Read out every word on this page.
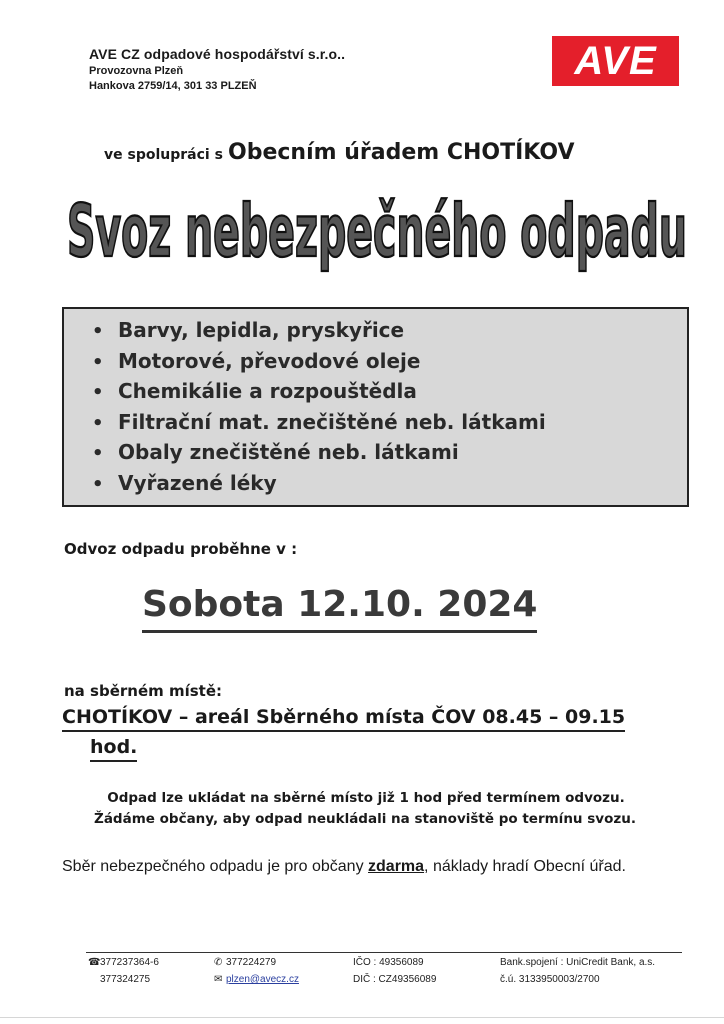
AVE CZ odpadové hospodářství s.r.o..
Provozovna Plzeň
Hankova 2759/14, 301 33 PLZEŇ
AVE
ve spolupráci s Obecním úřadem CHOTÍKOV
Svoz nebezpečného odpadu
• Barvy, lepidla, pryskyřice
• Motorové, převodové oleje
• Chemikálie a rozpouštědla
• Filtrační mat. znečištěné neb. látkami
• Obaly znečištěné neb. látkami
• Vyřazené léky
Odvoz odpadu proběhne v :
Sobota 12.10. 2024
na sběrném místě:
CHOTÍKOV – areál Sběrného místa ČOV 08.45 – 09.15
hod.
Odpad lze ukládat na sběrné místo již 1 hod před termínem odvozu.
Žádáme občany, aby odpad neukládali na stanoviště po termínu svozu.
Sběr nebezpečného odpadu je pro občany zdarma, náklady hradí Obecní úřad.
☎377237364-6
377324275
✆ 377224279
✉ plzen@avecz.cz
IČO : 49356089
DIČ : CZ49356089
Bank.spojení : UniCredit Bank, a.s.
č.ú. 3133950003/2700
